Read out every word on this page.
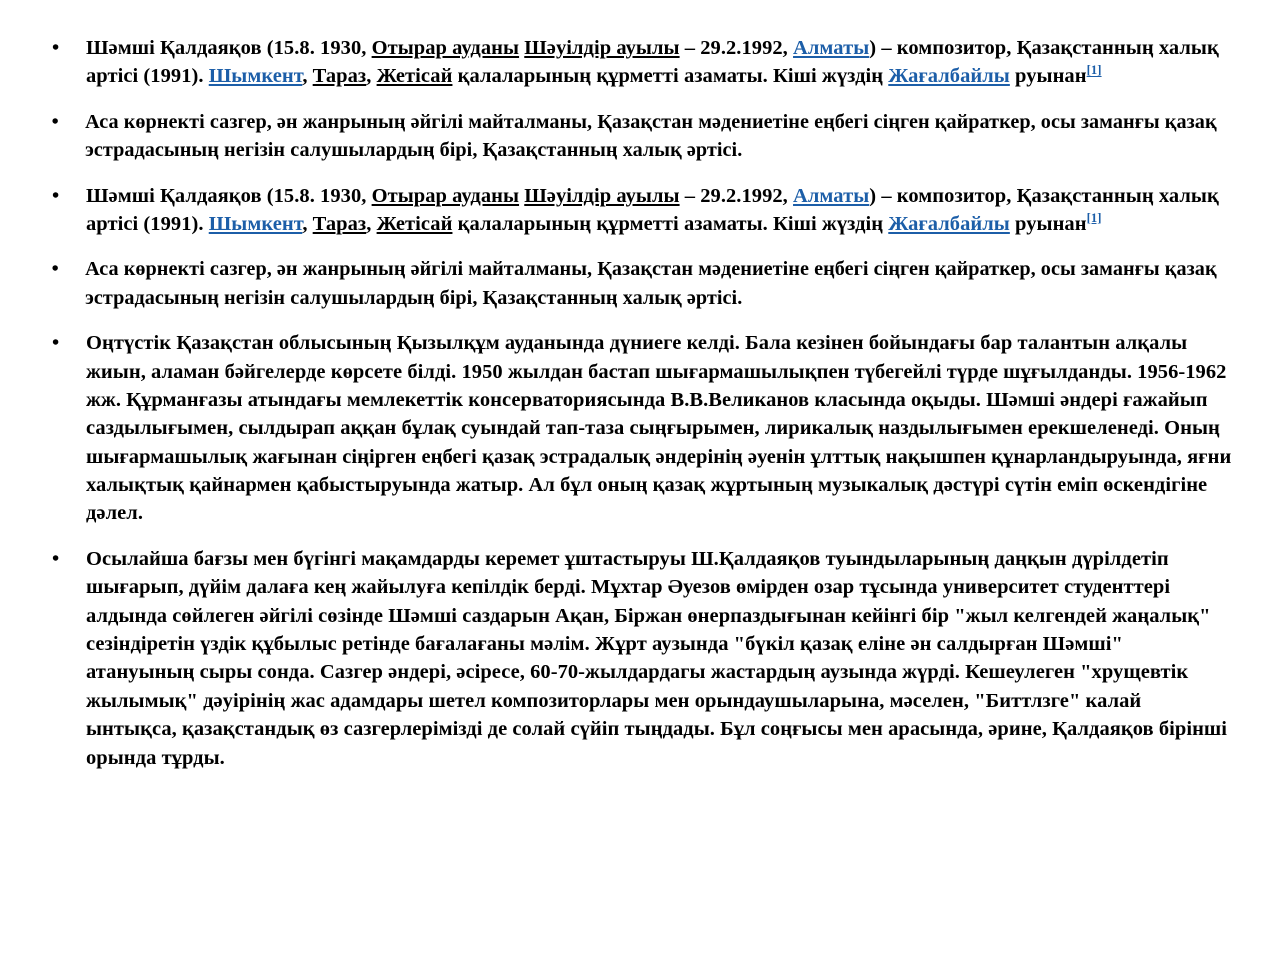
•	Шәмші Қалдаяқов (15.8. 1930, Отырар ауданы Шәуілдір ауылы – 29.2.1992, Алматы) – композитор, Қазақстанның халық артісі (1991). Шымкент, Тараз, Жетісай қалаларының құрметті азаматы. Кіші жүздің Жағалбайлы руынан[1]
•	Аса көрнекті сазгер, ән жанрының әйгілі майталманы, Қазақстан мәдениетіне еңбегі сіңген қайраткер, осы заманғы қазақ эстрадасының негізін салушылардың бірі, Қазақстанның халық әртісі.
•	Шәмші Қалдаяқов (15.8. 1930, Отырар ауданы Шәуілдір ауылы – 29.2.1992, Алматы) – композитор, Қазақстанның халық артісі (1991). Шымкент, Тараз, Жетісай қалаларының құрметті азаматы. Кіші жүздің Жағалбайлы руынан[1]
•	Аса көрнекті сазгер, ән жанрының әйгілі майталманы, Қазақстан мәдениетіне еңбегі сіңген қайраткер, осы заманғы қазақ эстрадасының негізін салушылардың бірі, Қазақстанның халық әртісі.
•	Оңтүстік Қазақстан облысының Қызылқұм ауданында дүниеге келді. Бала кезінен бойындағы бар талантын алқалы жиын, аламан бәйгелерде көрсете білді. 1950 жылдан бастап шығармашылықпен түбегейлі түрде шұғылданды. 1956-1962 жж. Құрманғазы атындағы мемлекеттік консерваториясында В.В.Великанов класында оқыды. Шәмші әндері ғажайып саздылығымен, сылдырап аққан бұлақ суындай тап-таза сыңғырымен, лирикалық наздылығымен ерекшеленеді. Оның шығармашылық жағынан сіңірген еңбегі қазақ эстрадалық әндерінің әуенін ұлттық нақышпен құнарландыруында, яғни халықтық қайнармен қабыстыруында жатыр. Ал бұл оның қазақ жұртының музыкалық дәстүрі сүтін еміп өскендігіне дәлел.
•	Осылайша бағзы мен бүгінгі мақамдарды керемет ұштастыруы Ш.Қалдаяқов туындыларының даңқын дүрілдетіп шығарып, дүйім далаға кең жайылуға кепілдік берді. Мұхтар Әуезов өмірден озар тұсында университет студенттері алдында сөйлеген әйгілі сөзінде Шәмші саздарын Ақан, Біржан өнерпаздығынан кейінгі бір "жыл келгендей жаңалық" сезіндіретін үздік құбылыс ретінде бағалағаны мәлім. Жұрт аузында "бүкіл қазақ еліне ән салдырған Шәмші" атануының сыры сонда. Сазгер әндері, әсіресе, 60-70-жылдардагы жастардың аузында жүрді. Кешеулеген "хрущевтік жылымық" дәуірінің жас адамдары шетел композиторлары мен орындаушыларына, мәселен, "Биттлзге" калай ынтықса, қазақстандық өз сазгерлерімізді де солай сүйіп тыңдады. Бұл соңғысы мен арасында, әрине, Қалдаяқов бірінші орында тұрды.
